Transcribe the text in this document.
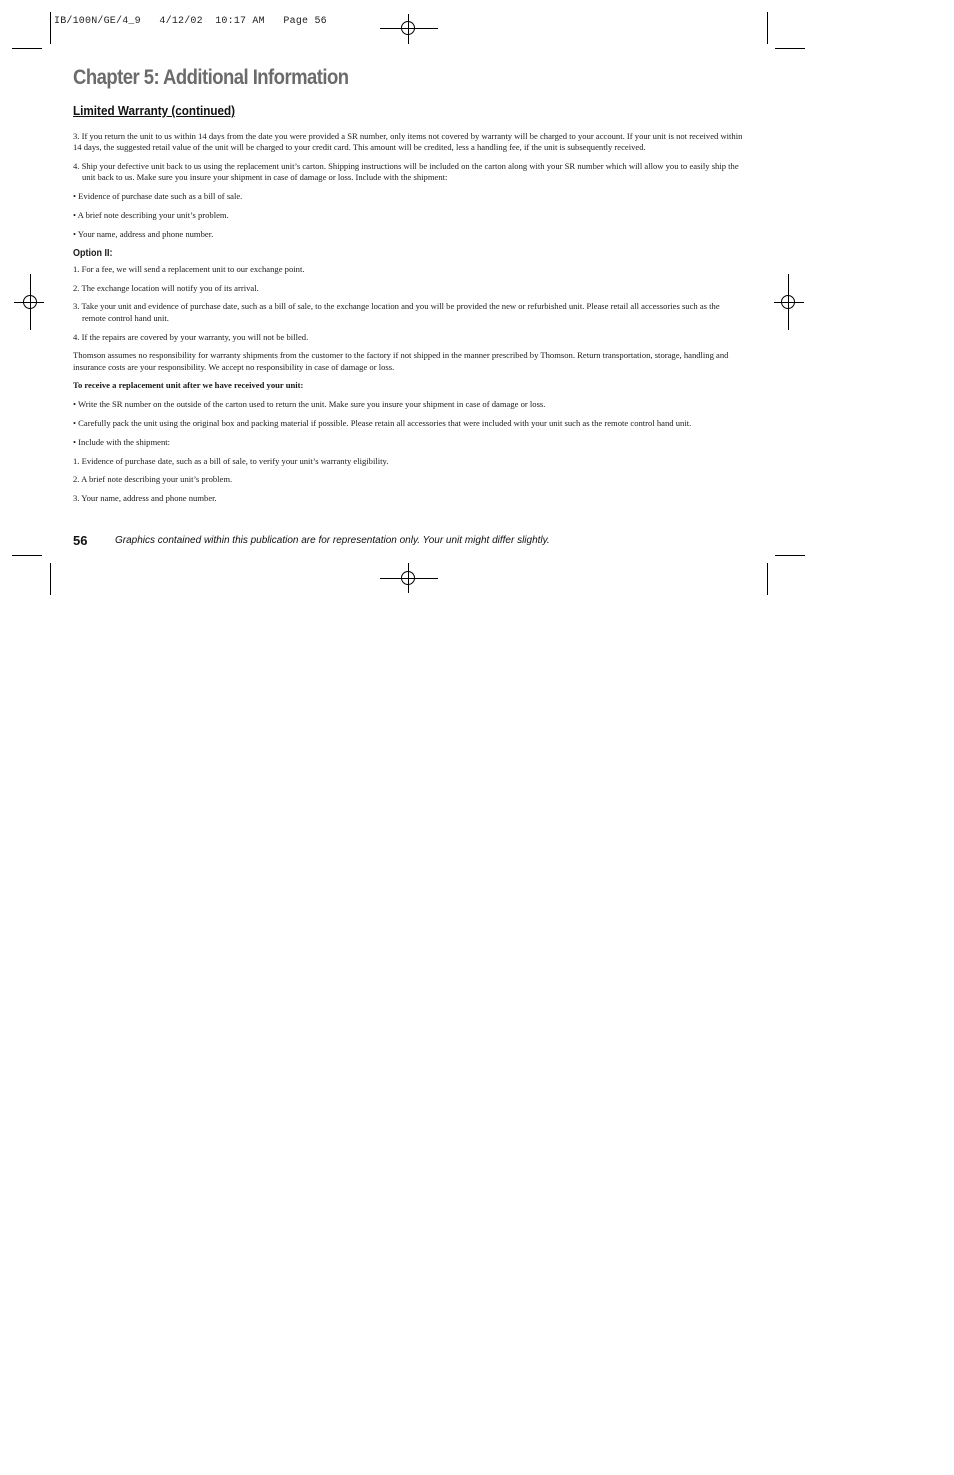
IB/100N/GE/4_9   4/12/02  10:17 AM   Page 56
Chapter 5: Additional Information
Limited Warranty (continued)

3. If you return the unit to us within 14 days from the date you were provided a SR number, only items not covered by warranty will be charged to your account. If your unit is not received within 14 days, the suggested retail value of the unit will be charged to your credit card. This amount will be credited, less a handling fee, if the unit is subsequently received.

4. Ship your defective unit back to us using the replacement unit’s carton. Shipping instructions will be included on the carton along with your SR number which will allow you to easily ship the unit back to us. Make sure you insure your shipment in case of damage or loss. Include with the shipment:

• Evidence of purchase date such as a bill of sale.

• A brief note describing your unit’s problem.

• Your name, address and phone number.

Option II:

1. For a fee, we will send a replacement unit to our exchange point.

2. The exchange location will notify you of its arrival.

3. Take your unit and evidence of purchase date, such as a bill of sale, to the exchange location and you will be provided the new or refurbished unit. Please retail all accessories such as the remote control hand unit.

4. If the repairs are covered by your warranty, you will not be billed.

Thomson assumes no responsibility for warranty shipments from the customer to the factory if not shipped in the manner prescribed by Thomson. Return transportation, storage, handling and insurance costs are your responsibility. We accept no responsibility in case of damage or loss.

To receive a replacement unit after we have received your unit:

• Write the SR number on the outside of the carton used to return the unit. Make sure you insure your shipment in case of damage or loss.

• Carefully pack the unit using the original box and packing material if possible. Please retain all accessories that were included with your unit such as the remote control hand unit.

• Include with the shipment:

1. Evidence of purchase date, such as a bill of sale, to verify your unit’s warranty eligibility.

2. A brief note describing your unit’s problem.

3. Your name, address and phone number.

56	Graphics contained within this publication are for representation only. Your unit might differ slightly.
